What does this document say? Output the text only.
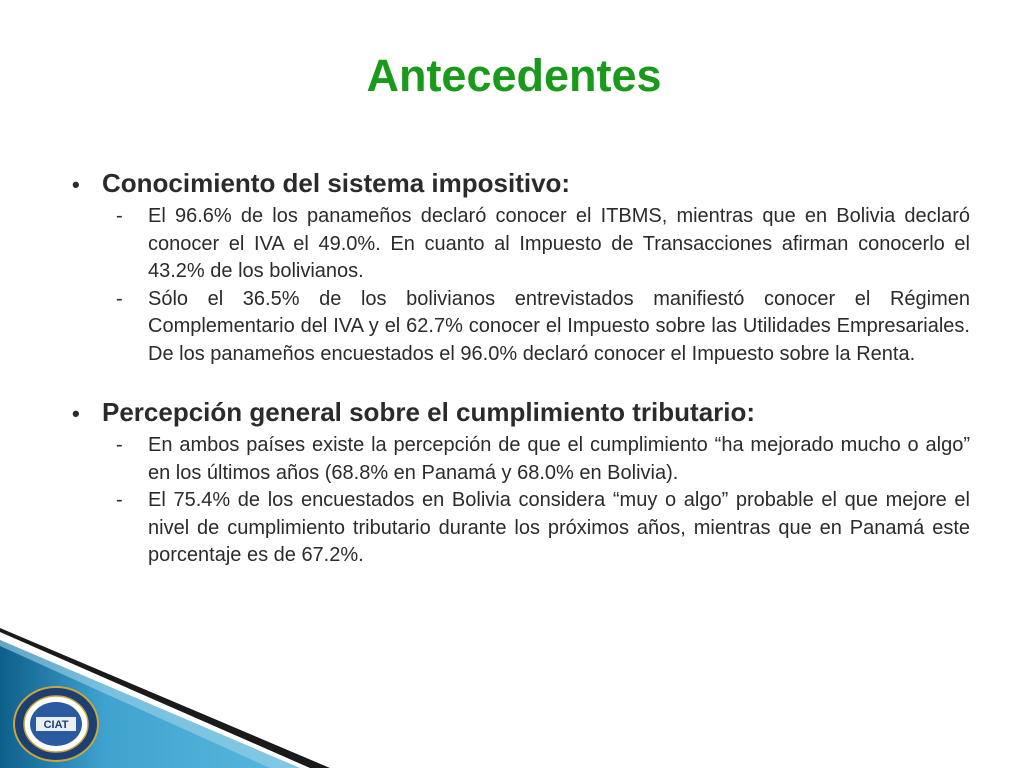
Antecedentes
• Conocimiento del sistema impositivo:
-	El 96.6% de los panameños declaró conocer el ITBMS, mientras que en Bolivia declaró conocer el IVA el 49.0%. En cuanto al Impuesto de Transacciones afirman conocerlo el 43.2% de los bolivianos.
-	Sólo el 36.5% de los bolivianos entrevistados manifiestó conocer el Régimen Complementario del IVA y el 62.7% conocer el Impuesto sobre las Utilidades Empresariales. De los panameños encuestados el 96.0% declaró conocer el Impuesto sobre la Renta.
• Percepción general sobre el cumplimiento tributario:
-	En ambos países existe la percepción de que el cumplimiento “ha mejorado mucho o algo” en los últimos años (68.8% en Panamá y 68.0% en Bolivia).
-	El 75.4% de los encuestados en Bolivia considera “muy o algo” probable el que mejore el nivel de cumplimiento tributario durante los próximos años, mientras que en Panamá este porcentaje es de 67.2%.
CIAT
